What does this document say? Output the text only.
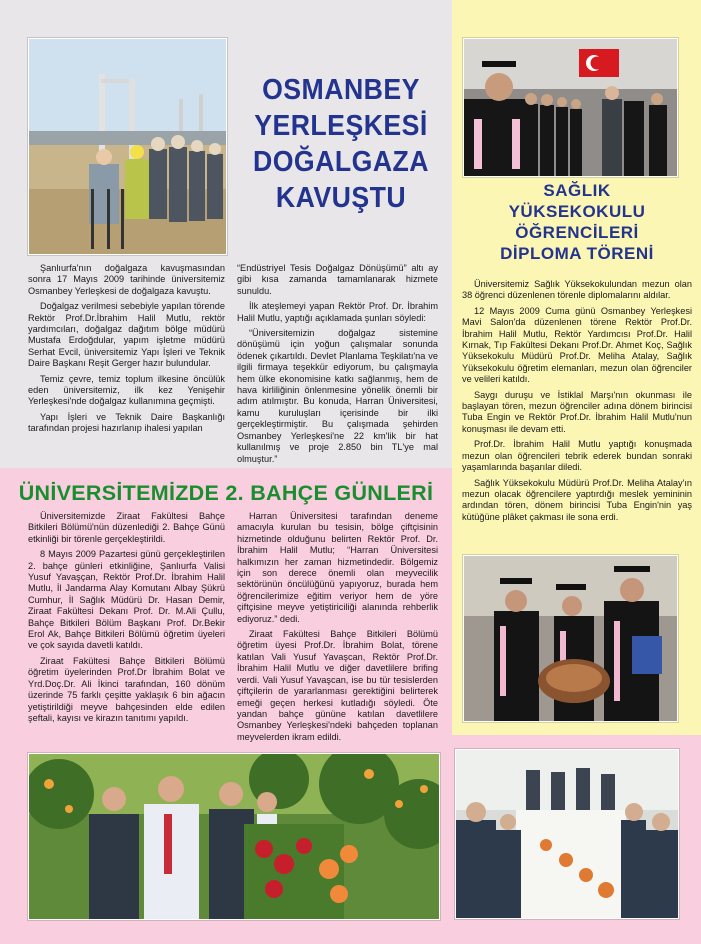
OSMANBEY
YERLEŞKESİ
DOĞALGAZA
KAVUŞTU

Şanlıurfa'nın doğalgaza kavuşmasından sonra 17 Mayıs 2009 tarihinde üniversitemiz Osmanbey Yerleşkesi de doğalgaza kavuştu.

Doğalgaz verilmesi sebebiyle yapılan törende Rektör Prof.Dr.İbrahim Halil Mutlu, rektör yardımcıları, doğalgaz dağıtım bölge müdürü Mustafa Erdoğdular, yapım işletme müdürü Serhat Evcil, üniversitemiz Yapı İşleri ve Teknik Daire Başkanı Reşit Gerger hazır bulundular.

Temiz çevre, temiz toplum ilkesine öncülük eden üniversitemiz, ilk kez Yenişehir Yerleşkesi'nde doğalgaz kullanımına geçmişti.

Yapı İşleri ve Teknik Daire Başkanlığı tarafından projesi hazırlanıp ihalesi yapılan

“Endüstriyel Tesis Doğalgaz Dönüşümü” altı ay gibi kısa zamanda tamamlanarak hizmete sunuldu.

İlk ateşlemeyi yapan Rektör Prof. Dr. İbrahim Halil Mutlu, yaptığı açıklamada şunları söyledi:

“Üniversitemizin doğalgaz sistemine dönüşümü için yoğun çalışmalar sonunda ödenek çıkartıldı. Devlet Planlama Teşkilatı'na ve ilgili firmaya teşekkür ediyorum, bu çalışmayla hem ülke ekonomisine katkı sağlanmış, hem de hava kirliliğinin önlenmesine yönelik önemli bir adım atılmıştır. Bu konuda, Harran Üniversitesi, kamu kuruluşları içerisinde bir ilki gerçekleştirmiştir. Bu çalışmada şehirden Osmanbey Yerleşkesi'ne 22 km'lik bir hat kullanılmış ve proje 2.850 bin TL'ye mal olmuştur.”

SAĞLIK
YÜKSEKOKULU
ÖĞRENCİLERİ
DİPLOMA TÖRENİ

Üniversitemiz Sağlık Yüksekokulundan mezun olan 38 öğrenci düzenlenen törenle diplomalarını aldılar.

12 Mayıs 2009 Cuma günü Osmanbey Yerleşkesi Mavi Salon'da düzenlenen törene Rektör Prof.Dr. İbrahim Halil Mutlu, Rektör Yardımcısı Prof.Dr. Halil Kırnak, Tıp Fakültesi Dekanı Prof.Dr. Ahmet Koç, Sağlık Yüksekokulu Müdürü Prof.Dr. Meliha Atalay, Sağlık Yüksekokulu öğretim elemanları, mezun olan öğrenciler ve velileri katıldı.

Saygı duruşu ve İstiklal Marşı'nın okunması ile başlayan tören, mezun öğrenciler adına dönem birincisi Tuba Engin ve Rektör Prof.Dr. İbrahim Halil Mutlu'nun konuşması ile devam etti.

Prof.Dr. İbrahim Halil Mutlu yaptığı konuşmada mezun olan öğrencileri tebrik ederek bundan sonraki yaşamlarında başarılar diledi.

Sağlık Yüksekokulu Müdürü Prof.Dr. Meliha Atalay'ın mezun olacak öğrencilere yaptırdığı meslek yemininin ardından tören, dönem birincisi Tuba Engin'nin yaş kütüğüne plâket çakması ile sona erdi.

ÜNİVERSİTEMİZDE 2. BAHÇE GÜNLERİ

Üniversitemizde Ziraat Fakültesi Bahçe Bitkileri Bölümü'nün düzenlediği 2. Bahçe Günü etkinliği bir törenle gerçekleştirildi.

8 Mayıs 2009 Pazartesi günü gerçekleştirilen 2. bahçe günleri etkinliğine, Şanlıurfa Valisi Yusuf Yavaşçan, Rektör Prof.Dr. İbrahim Halil Mutlu, İl Jandarma Alay Komutanı Albay Şükrü Cumhur, İl Sağlık Müdürü Dr. Hasan Demir, Ziraat Fakültesi Dekanı Prof. Dr. M.Ali Çullu, Bahçe Bitkileri Bölüm Başkanı Prof. Dr.Bekir Erol Ak, Bahçe Bitkileri Bölümü öğretim üyeleri ve çok sayıda davetli katıldı.

Ziraat Fakültesi Bahçe Bitkileri Bölümü öğretim üyelerinden Prof.Dr İbrahim Bolat ve Yrd.Doç.Dr. Ali İkinci tarafından, 160 dönüm üzerinde 75 farklı çeşitte yaklaşık 6 bin ağacın yetiştirildiği meyve bahçesinden elde edilen şeftali, kayısı ve kirazın tanıtımı yapıldı.

Harran Üniversitesi tarafından deneme amacıyla kurulan bu tesisin, bölge çiftçisinin hizmetinde olduğunu belirten Rektör Prof. Dr. İbrahim Halil Mutlu; “Harran Üniversitesi halkımızın her zaman hizmetindedir. Bölgemiz için son derece önemli olan meyvecilik sektörünün öncülüğünü yapıyoruz, burada hem öğrencilerimize eğitim veriyor hem de yöre çiftçisine meyve yetiştiriciliği alanında rehberlik ediyoruz.” dedi.

Ziraat Fakültesi Bahçe Bitkileri Bölümü öğretim üyesi Prof.Dr. İbrahim Bolat, törene katılan Vali Yusuf Yavaşcan, Rektör Prof.Dr. İbrahim Halil Mutlu ve diğer davetlilere brifing verdi. Vali Yusuf Yavaşcan, ise bu tür tesislerden çiftçilerin de yararlanması gerektiğini belirterek emeği geçen herkesi kutladığı söyledi. Öte yandan bahçe gününe katılan davetlilere Osmanbey Yerleşkesi'ndeki bahçeden toplanan meyvelerden ikram edildi.
